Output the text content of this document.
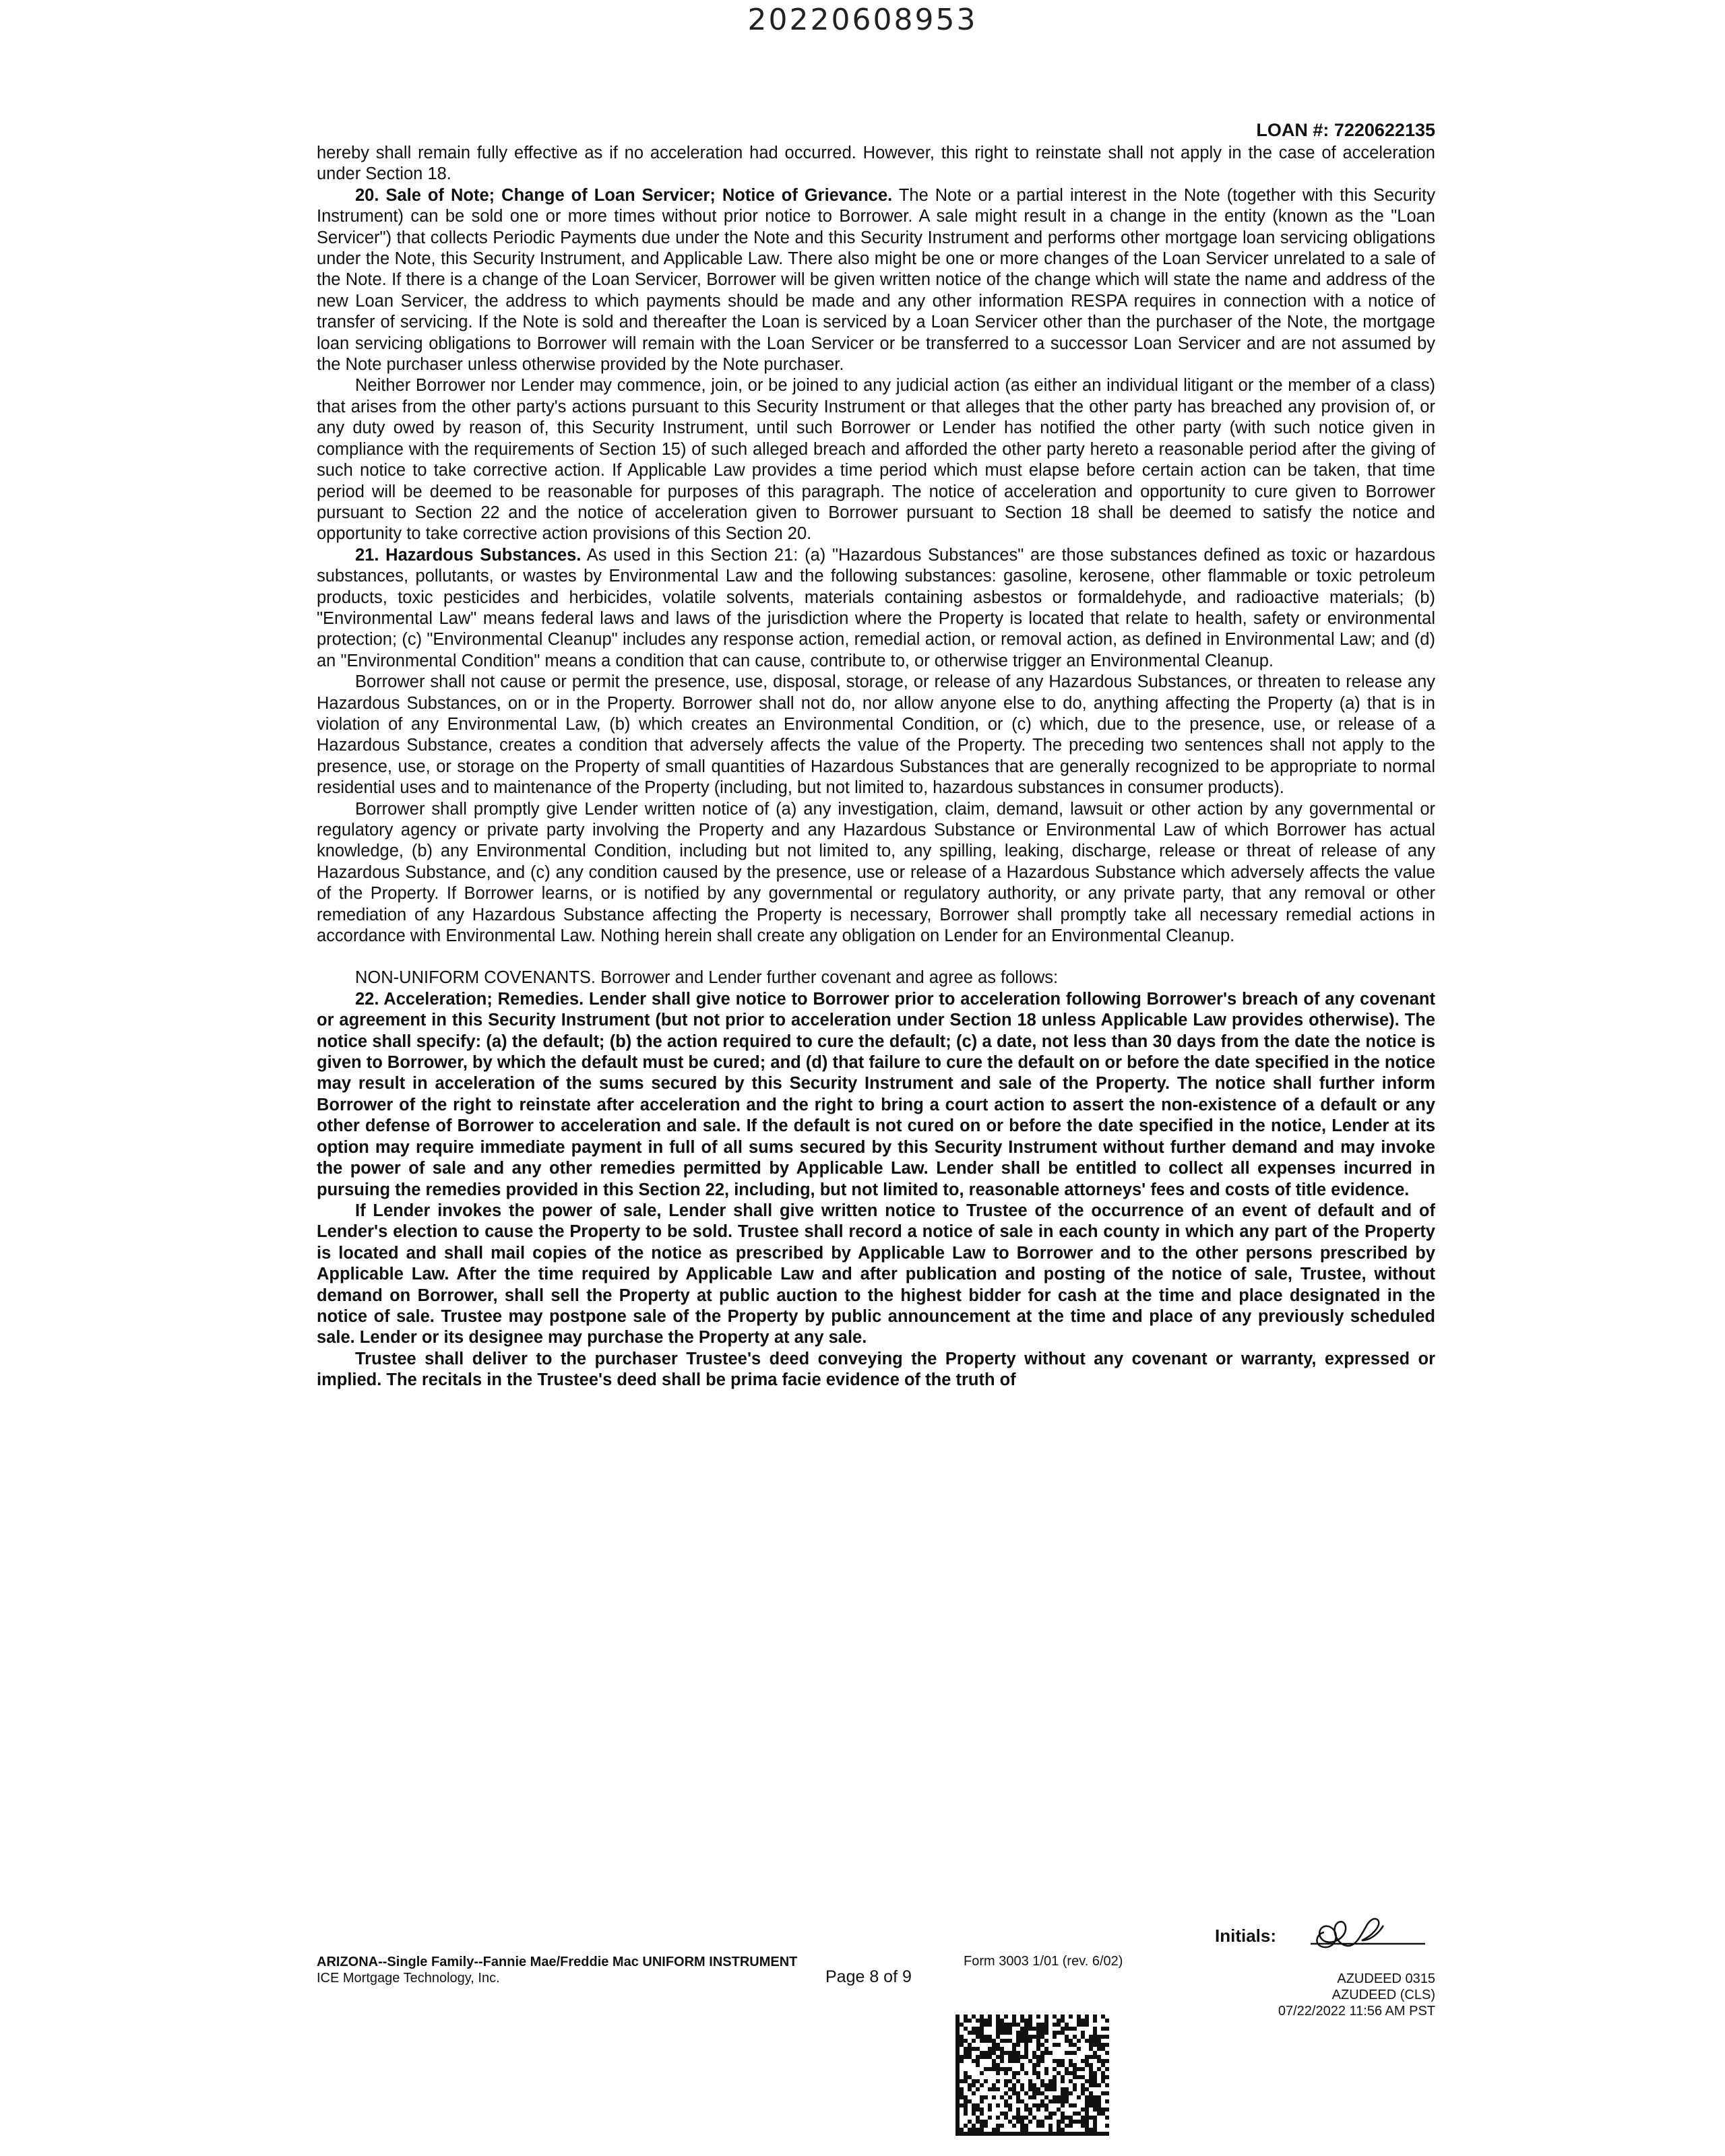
20220608953
LOAN #: 7220622135

hereby shall remain fully effective as if no acceleration had occurred. However, this right to reinstate shall not apply in the case of acceleration under Section 18.

20. Sale of Note; Change of Loan Servicer; Notice of Grievance. The Note or a partial interest in the Note (together with this Security Instrument) can be sold one or more times without prior notice to Borrower. A sale might result in a change in the entity (known as the "Loan Servicer") that collects Periodic Payments due under the Note and this Security Instrument and performs other mortgage loan servicing obligations under the Note, this Security Instrument, and Applicable Law. There also might be one or more changes of the Loan Servicer unrelated to a sale of the Note. If there is a change of the Loan Servicer, Borrower will be given written notice of the change which will state the name and address of the new Loan Servicer, the address to which payments should be made and any other information RESPA requires in connection with a notice of transfer of servicing. If the Note is sold and thereafter the Loan is serviced by a Loan Servicer other than the purchaser of the Note, the mortgage loan servicing obligations to Borrower will remain with the Loan Servicer or be transferred to a successor Loan Servicer and are not assumed by the Note purchaser unless otherwise provided by the Note purchaser.

Neither Borrower nor Lender may commence, join, or be joined to any judicial action (as either an individual litigant or the member of a class) that arises from the other party's actions pursuant to this Security Instrument or that alleges that the other party has breached any provision of, or any duty owed by reason of, this Security Instrument, until such Borrower or Lender has notified the other party (with such notice given in compliance with the requirements of Section 15) of such alleged breach and afforded the other party hereto a reasonable period after the giving of such notice to take corrective action. If Applicable Law provides a time period which must elapse before certain action can be taken, that time period will be deemed to be reasonable for purposes of this paragraph. The notice of acceleration and opportunity to cure given to Borrower pursuant to Section 22 and the notice of acceleration given to Borrower pursuant to Section 18 shall be deemed to satisfy the notice and opportunity to take corrective action provisions of this Section 20.

21. Hazardous Substances. As used in this Section 21: (a) "Hazardous Substances" are those substances defined as toxic or hazardous substances, pollutants, or wastes by Environmental Law and the following substances: gasoline, kerosene, other flammable or toxic petroleum products, toxic pesticides and herbicides, volatile solvents, materials containing asbestos or formaldehyde, and radioactive materials; (b) "Environmental Law" means federal laws and laws of the jurisdiction where the Property is located that relate to health, safety or environmental protection; (c) "Environmental Cleanup" includes any response action, remedial action, or removal action, as defined in Environmental Law; and (d) an "Environmental Condition" means a condition that can cause, contribute to, or otherwise trigger an Environmental Cleanup.

Borrower shall not cause or permit the presence, use, disposal, storage, or release of any Hazardous Substances, or threaten to release any Hazardous Substances, on or in the Property. Borrower shall not do, nor allow anyone else to do, anything affecting the Property (a) that is in violation of any Environmental Law, (b) which creates an Environmental Condition, or (c) which, due to the presence, use, or release of a Hazardous Substance, creates a condition that adversely affects the value of the Property. The preceding two sentences shall not apply to the presence, use, or storage on the Property of small quantities of Hazardous Substances that are generally recognized to be appropriate to normal residential uses and to maintenance of the Property (including, but not limited to, hazardous substances in consumer products).

Borrower shall promptly give Lender written notice of (a) any investigation, claim, demand, lawsuit or other action by any governmental or regulatory agency or private party involving the Property and any Hazardous Substance or Environmental Law of which Borrower has actual knowledge, (b) any Environmental Condition, including but not limited to, any spilling, leaking, discharge, release or threat of release of any Hazardous Substance, and (c) any condition caused by the presence, use or release of a Hazardous Substance which adversely affects the value of the Property. If Borrower learns, or is notified by any governmental or regulatory authority, or any private party, that any removal or other remediation of any Hazardous Substance affecting the Property is necessary, Borrower shall promptly take all necessary remedial actions in accordance with Environmental Law. Nothing herein shall create any obligation on Lender for an Environmental Cleanup.

NON-UNIFORM COVENANTS. Borrower and Lender further covenant and agree as follows:

22. Acceleration; Remedies. Lender shall give notice to Borrower prior to acceleration following Borrower's breach of any covenant or agreement in this Security Instrument (but not prior to acceleration under Section 18 unless Applicable Law provides otherwise). The notice shall specify: (a) the default; (b) the action required to cure the default; (c) a date, not less than 30 days from the date the notice is given to Borrower, by which the default must be cured; and (d) that failure to cure the default on or before the date specified in the notice may result in acceleration of the sums secured by this Security Instrument and sale of the Property. The notice shall further inform Borrower of the right to reinstate after acceleration and the right to bring a court action to assert the non-existence of a default or any other defense of Borrower to acceleration and sale. If the default is not cured on or before the date specified in the notice, Lender at its option may require immediate payment in full of all sums secured by this Security Instrument without further demand and may invoke the power of sale and any other remedies permitted by Applicable Law. Lender shall be entitled to collect all expenses incurred in pursuing the remedies provided in this Section 22, including, but not limited to, reasonable attorneys' fees and costs of title evidence.

If Lender invokes the power of sale, Lender shall give written notice to Trustee of the occurrence of an event of default and of Lender's election to cause the Property to be sold. Trustee shall record a notice of sale in each county in which any part of the Property is located and shall mail copies of the notice as prescribed by Applicable Law to Borrower and to the other persons prescribed by Applicable Law. After the time required by Applicable Law and after publication and posting of the notice of sale, Trustee, without demand on Borrower, shall sell the Property at public auction to the highest bidder for cash at the time and place designated in the notice of sale. Trustee may postpone sale of the Property by public announcement at the time and place of any previously scheduled sale. Lender or its designee may purchase the Property at any sale.

Trustee shall deliver to the purchaser Trustee's deed conveying the Property without any covenant or warranty, expressed or implied. The recitals in the Trustee's deed shall be prima facie evidence of the truth of

Initials:
ARIZONA--Single Family--Fannie Mae/Freddie Mac UNIFORM INSTRUMENT
ICE Mortgage Technology, Inc.
Form 3003 1/01 (rev. 6/02)
Page 8 of 9	AZUDEED 0315
AZUDEED (CLS)
07/22/2022 11:56 AM PST
